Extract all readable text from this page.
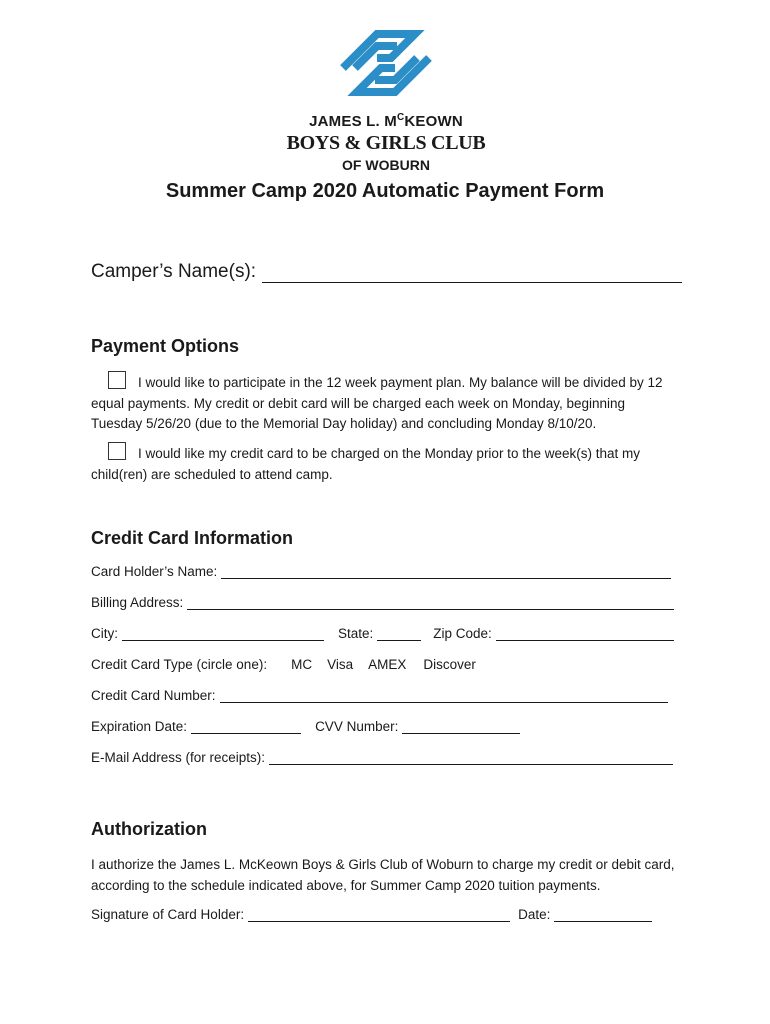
JAMES L. $M^CKEOWN$
BOYS & GIRLS CLUB
OF WOBURN
Summer Camp 2020 Automatic Payment Form
Camper’s Name(s):
Payment Options
I would like to participate in the 12 week payment plan. My balance will be divided by 12 equal payments. My credit or debit card will be charged each week on Monday, beginning Tuesday 5/26/20 (due to the Memorial Day holiday) and concluding Monday 8/10/20.
I would like my credit card to be charged on the Monday prior to the week(s) that my child(ren) are scheduled to attend camp.
Credit Card Information
Card Holder’s Name:
Billing Address:
City:	State:	Zip Code:
Credit Card Type (circle one): MC Visa AMEX Discover
Credit Card Number:
Expiration Date:	CVV Number:
E-Mail Address (for receipts):
Authorization
I authorize the James L. McKeown Boys & Girls Club of Woburn to charge my credit or debit card, according to the schedule indicated above, for Summer Camp 2020 tuition payments.
Signature of Card Holder:	Date:
